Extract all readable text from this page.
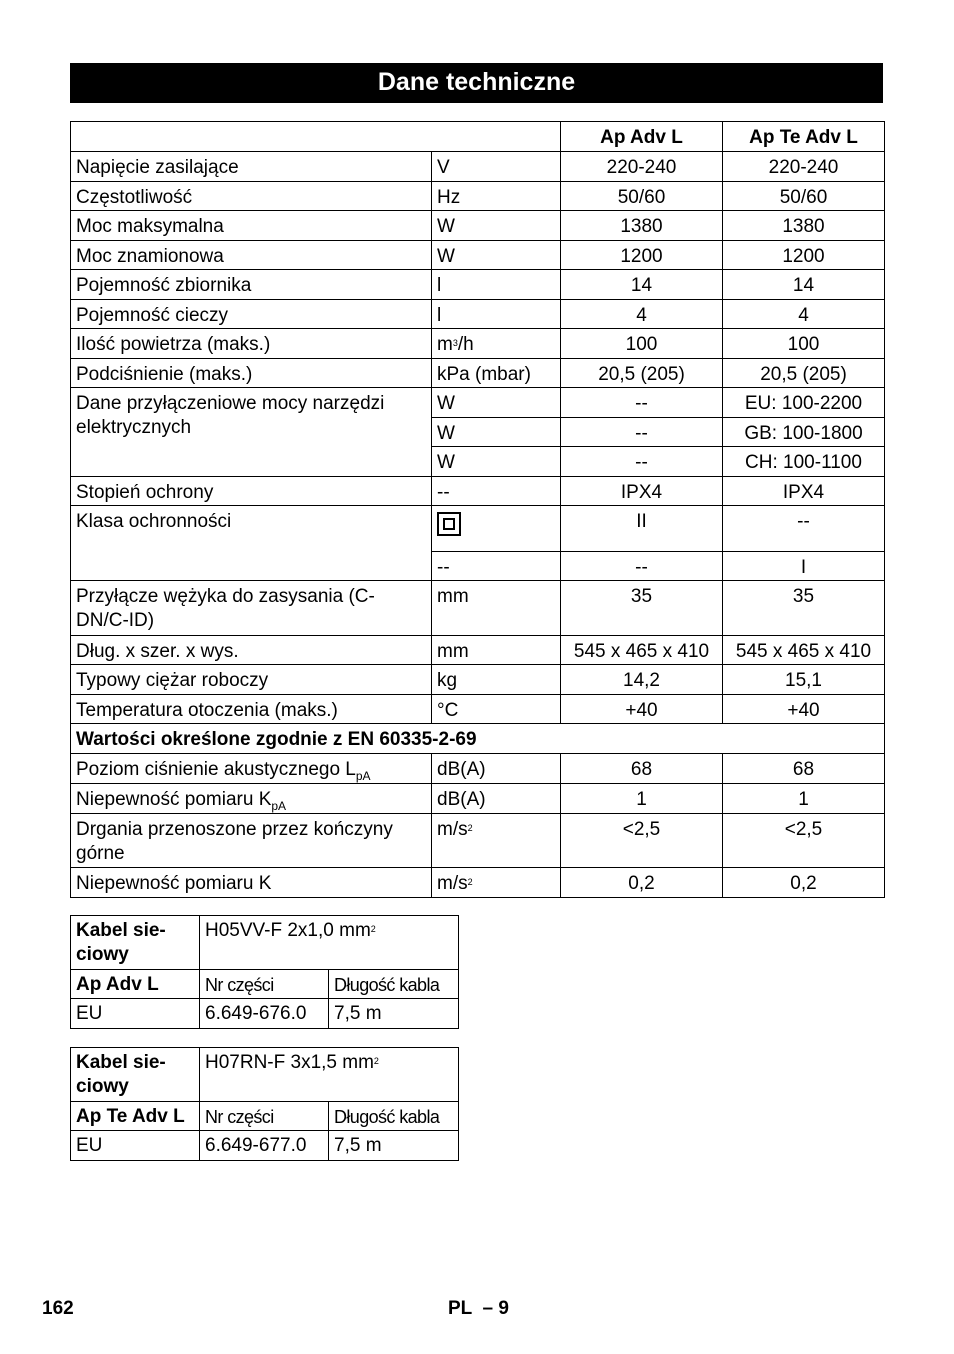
Dane techniczne
		Ap Adv L	Ap Te Adv L
Napięcie zasilające	V	220-240	220-240
Częstotliwość	Hz	50/60	50/60
Moc maksymalna	W	1380	1380
Moc znamionowa	W	1200	1200
Pojemność zbiornika	l	14	14
Pojemność cieczy	l	4	4
Ilość powietrza (maks.)	$m^3/h$	100	100
Podciśnienie (maks.)	kPa (mbar)	20,5 (205)	20,5 (205)
Dane przyłączeniowe mocy narzędzi elektrycznych	W	--	EU: 100-2200
	W	--	GB: 100-1800
	W	--	CH: 100-1100
Stopień ochrony	--	IPX4	IPX4
Klasa ochronności		II	--
	--	--	I
Przyłącze wężyka do zasysania (C-DN/C-ID)	mm	35	35
Dług. x szer. x wys.	mm	545 x 465 x 410	545 x 465 x 410
Typowy ciężar roboczy	kg	14,2	15,1
Temperatura otoczenia (maks.)	°C	+40	+40
Wartości określone zgodnie z EN 60335-2-69			
Poziom ciśnienie akustycznego $L_{pA}$	dB(A)	68	68
Niepewność pomiaru $K_{pA}$	dB(A)	1	1
Drgania przenoszone przez kończyny górne	$m/s^2$	<2,5	<2,5
Niepewność pomiaru K	$m/s^2$	0,2	0,2
Kabel sie-ciowy	H05VV-F 2x1,0 $mm^2$
Ap Adv L	Nr części	Długość kabla
EU	6.649-676.0	7,5 m
Kabel sie-ciowy	H07RN-F 3x1,5 $mm^2$
Ap Te Adv L	Nr części	Długość kabla
EU	6.649-677.0	7,5 m
162	PL  – 9
